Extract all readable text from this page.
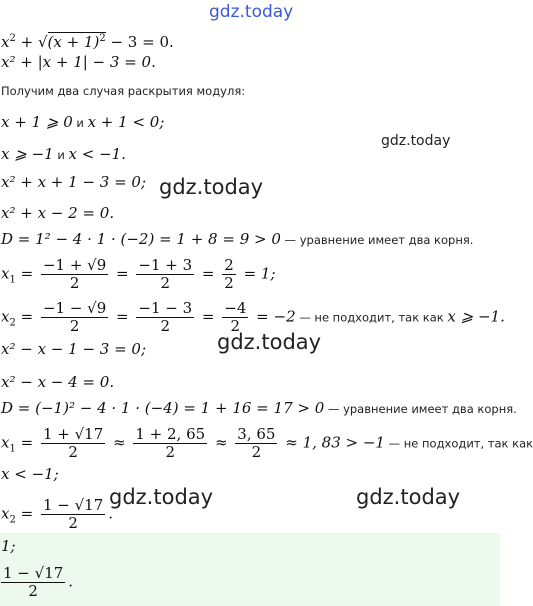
gdz.today
gdz.today
gdz.today
gdz.today
gdz.today	gdz.today
$x^2 + √(x + 1)^2 - 3 = 0$.
x² + |x + 1| − 3 = 0.
Получим два случая раскрытия модуля:
x + 1 ⩾ 0 и x + 1 < 0;
x ⩾ −1 и x < −1.
x² + x + 1 − 3 = 0;
x² + x − 2 = 0.
D = 1² − 4 · 1 · (−2) = 1 + 8 = 9 > 0 — уравнение имеет два корня.
$x_1 = \frac{-1 + √9}{2} = \frac{-1 + 3}{2} = \frac{2}{2} = 1$;
$x_2 = \frac{-1 - √9}{2} = \frac{-1 - 3}{2} = \frac{-4}{2} = -2$ — не подходит, так как x ⩾ −1.
x² − x − 1 − 3 = 0;
x² − x − 4 = 0.
D = (−1)² − 4 · 1 · (−4) = 1 + 16 = 17 > 0 — уравнение имеет два корня.
$x_1 = \frac{1 + √17}{2} \approx \frac{1 + 2, 65}{2} \approx \frac{3, 65}{2} \approx 1$, 83 > −1 — не подходит, так как
x < −1;
$x_2 = \frac{1 - √17}{2}$ .
1;
$\frac{1 - √17}{2}$ .
